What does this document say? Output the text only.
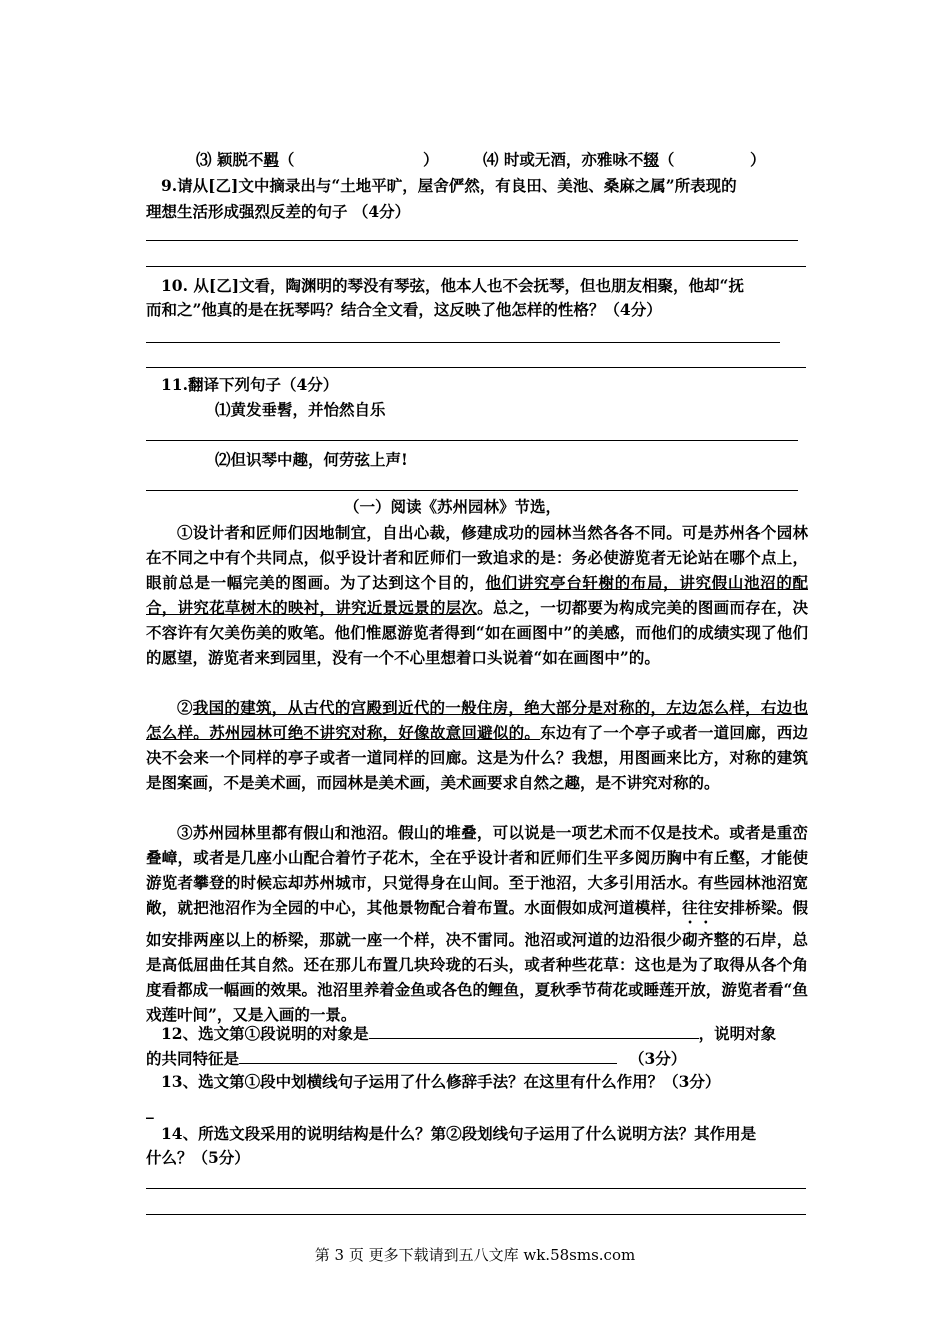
⑶ 颖脱不羁（	）	⑷ 时或无酒，亦雅咏不辍（	）
9.请从[乙]文中摘录出与“土地平旷，屋舍俨然，有良田、美池、桑麻之属”所表现的
理想生活形成强烈反差的句子 （4分）
10. 从[乙]文看，陶渊明的琴没有琴弦，他本人也不会抚琴，但也朋友相聚，他却“抚
而和之”他真的是在抚琴吗？结合全文看，这反映了他怎样的性格？（4分）
11.翻译下列句子（4分）
⑴黄发垂髫，并怡然自乐
⑵但识琴中趣，何劳弦上声!
（一）阅读《苏州园林》节选，
①设计者和匠师们因地制宜，自出心裁，修建成功的园林当然各各不同。可是苏州各个园林在不同之中有个共同点，似乎设计者和匠师们一致追求的是：务必使游览者无论站在哪个点上，眼前总是一幅完美的图画。为了达到这个目的，他们讲究亭台轩榭的布局，讲究假山池沼的配合，讲究花草树木的映衬，讲究近景远景的层次。总之，一切都要为构成完美的图画而存在，决不容许有欠美伤美的败笔。他们惟愿游览者得到“如在画图中”的美感，而他们的成绩实现了他们的愿望，游览者来到园里，没有一个不心里想着口头说着“如在画图中”的。
②我国的建筑，从古代的宫殿到近代的一般住房，绝大部分是对称的，左边怎么样，右边也怎么样。苏州园林可绝不讲究对称，好像故意回避似的。东边有了一个亭子或者一道回廊，西边决不会来一个同样的亭子或者一道同样的回廊。这是为什么？我想，用图画来比方，对称的建筑是图案画，不是美术画，而园林是美术画，美术画要求自然之趣，是不讲究对称的。
③苏州园林里都有假山和池沼。假山的堆叠，可以说是一项艺术而不仅是技术。或者是重峦叠嶂，或者是几座小山配合着竹子花木，全在乎设计者和匠师们生平多阅历胸中有丘壑，才能使游览者攀登的时候忘却苏州城市，只觉得身在山间。至于池沼，大多引用活水。有些园林池沼宽敞，就把池沼作为全园的中心，其他景物配合着布置。水面假如成河道模样，往往安排桥梁。假如安排两座以上的桥梁，那就一座一个样，决不雷同。池沼或河道的边沿很少砌齐整的石岸，总是高低屈曲任其自然。还在那儿布置几块玲珑的石头，或者种些花草：这也是为了取得从各个角度看都成一幅画的效果。池沼里养着金鱼或各色的鲤鱼，夏秋季节荷花或睡莲开放，游览者看“鱼戏莲叶间”，又是入画的一景。
12、选文第①段说明的对象是	，说明对象
的共同特征是	（3分）
13、选文第①段中划横线句子运用了什么修辞手法？在这里有什么作用？（3分）
_
14、所选文段采用的说明结构是什么？第②段划线句子运用了什么说明方法？其作用是
什么？（5分）
第 3 页 更多下载请到五八文库 wk.58sms.com
